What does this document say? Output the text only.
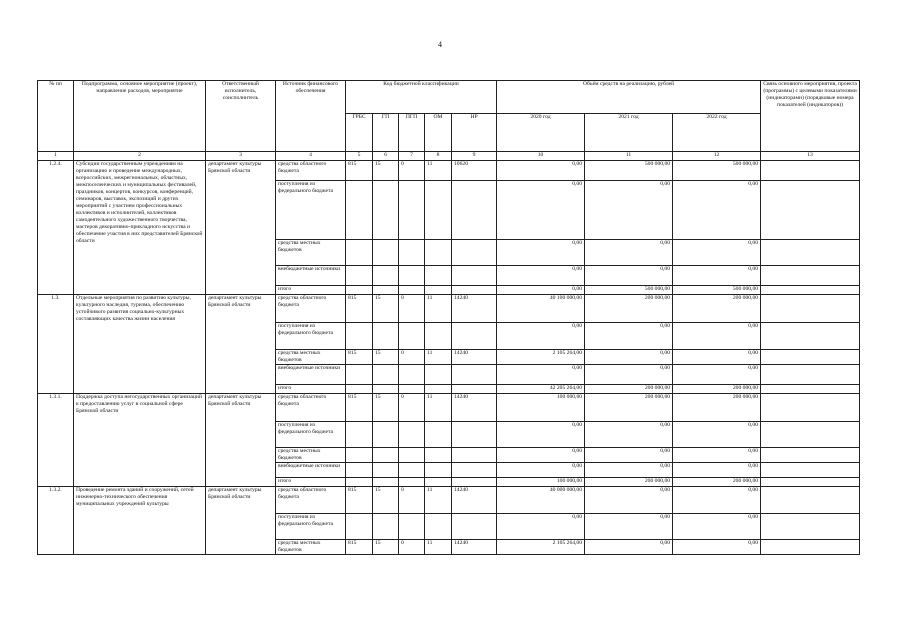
4
№ пп	Подпрограмма, основное мероприятие (проект), направление расходов, мероприятие	Ответственный исполнитель, соисполнитель	Источник финансового обеспечения	Код бюджетной классификации					Объём средств на реализацию, рублей			Связь основного мероприятия, проекта (программы) с целевыми показателями (индикаторами) (порядковые номера показателей (индикаторов))
				ГРБС	ГП	ПГП	ОМ	НР	2020 год	2021 год	2022 год	
1	2	3	4	5	6	7	8	9	10	11	12	13
1.2.4.	Субсидии государственным учреждениям на организацию и проведение международных, всероссийских, межрегиональных, областных, межпоселенческих и муниципальных фестивалей, праздников, концертов, конкурсов, конференций, семинаров, выставок, экспозиций и других мероприятий с участием профессиональных коллективов и исполнителей, коллективов самодеятельного художественного творчества, мастеров декоративно-прикладного искусства и обеспечение участия в них представителей Брянской области	департамент культуры Брянской области	средства областного бюджета	815	15	0	11	10620	0,00	500 000,00	500 000,00	
			поступления из федерального бюджета						0,00	0,00	0,00	
			средства местных бюджетов						0,00	0,00	0,00	
			внебюджетные источники						0,00	0,00	0,00	
			итого						0,00	500 000,00	500 000,00	
1.3.	Отдельные мероприятия по развитию культуры, культурного наследия, туризма, обеспечению устойчивого развития социально-культурных составляющих качества жизни населения	департамент культуры Брянской области	средства областного бюджета	815	15	0	11	14240	40 100 000,00	200 000,00	200 000,00	
			поступления из федерального бюджета						0,00	0,00	0,00	
			средства местных бюджетов	815	15	0	11	14240	2 105 264,00	0,00	0,00	
			внебюджетные источники						0,00	0,00	0,00	
			итого						42 205 264,00	200 000,00	200 000,00	
1.3.1.	Поддержка доступа негосударственных организаций к предоставлению услуг в социальной сфере Брянской области	департамент культуры Брянской области	средства областного бюджета	815	15	0	11	14240	100 000,00	200 000,00	200 000,00	
			поступления из федерального бюджета						0,00	0,00	0,00	
			средства местных бюджетов						0,00	0,00	0,00	
			внебюджетные источники						0,00	0,00	0,00	
			итого						100 000,00	200 000,00	200 000,00	
1.3.2.	Проведение ремонта зданий и сооружений, сетей инженерно-технического обеспечения муниципальных учреждений культуры	департамент культуры Брянской области	средства областного бюджета	815	15	0	11	14240	40 000 000,00	0,00	0,00	
			поступления из федерального бюджета						0,00	0,00	0,00	
			средства местных бюджетов	815	15	0	11	14240	2 105 264,00	0,00	0,00	
